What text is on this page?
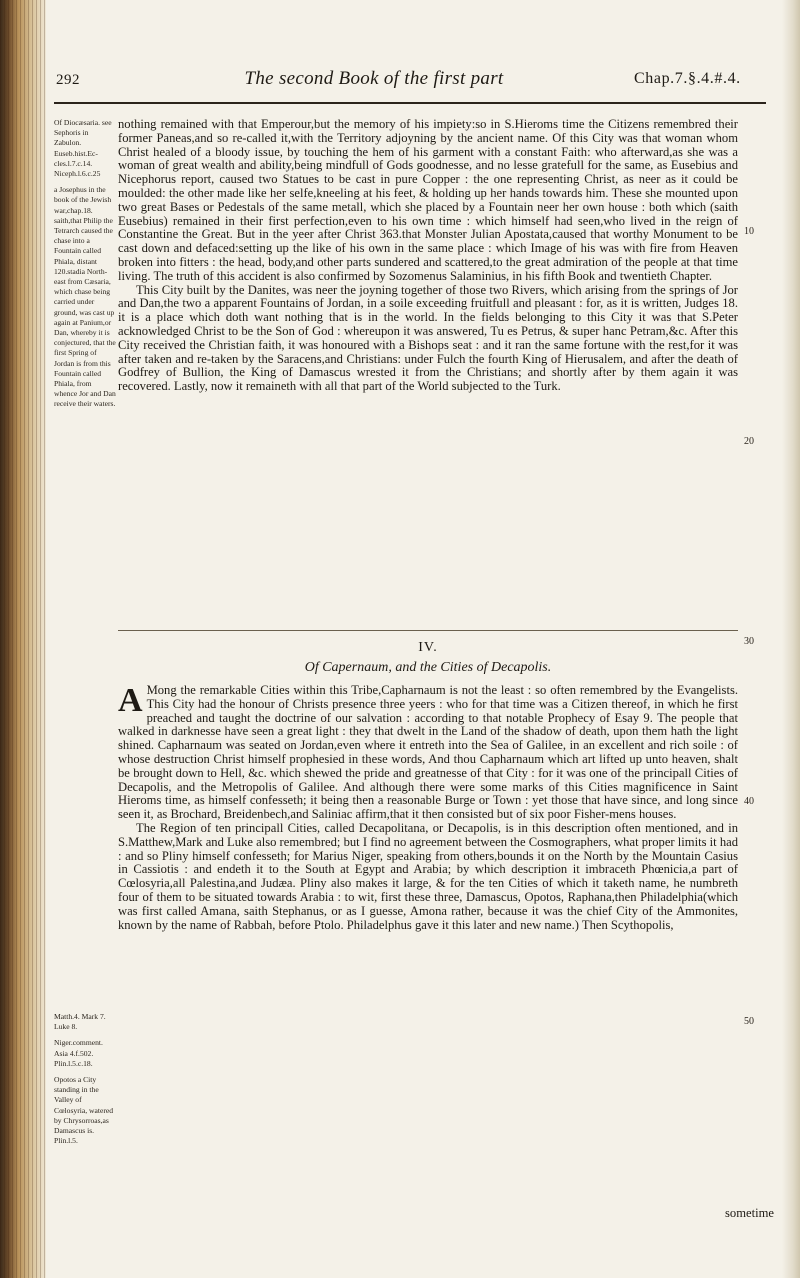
292	The second Book of the first part	Chap.7.§.4.#.4.

Of Diocæsaria. see Sephoris in Zabulon. Euseb.hist.Ec-cles.l.7.c.14. Niceph.l.6.c.25

a Josephus in the book of the Jewish war,chap.18. saith,that Philip the Tetrarch caused the chase into a Fountain called Phiala, distant 120.stadia North-east from Cæsaria, which chase being carried under ground, was cast up again at Panium,or Dan, whereby it is conjectured, that the first Spring of Jordan is from this Fountain called Phiala, from whence Jor and Dan receive their waters.

nothing remained with that Emperour,but the memory of his impiety:so in S.Hieroms time the Citizens remembred their former Paneas,and so re-called it,with the Territory adjoyning by the ancient name. Of this City was that woman whom Christ healed of a bloody issue, by touching the hem of his garment with a constant Faith: who afterward,as she was a woman of great wealth and ability,being mindfull of Gods goodnesse, and no lesse gratefull for the same, as Eusebius and Nicephorus report, caused two Statues to be cast in pure Copper : the one representing Christ, as neer as it could be moulded: the other made like her selfe,kneeling at his feet, & holding up her hands towards him. These she mounted upon two great Bases or Pedestals of the same metall, which she placed by a Fountain neer her own house : both which (saith Eusebius) remained in their first perfection,even to his own time : which himself had seen,who lived in the reign of Constantine the Great. But in the yeer after Christ 363.that Monster Julian Apostata,caused that worthy Monument to be cast down and defaced:setting up the like of his own in the same place : which Image of his was with fire from Heaven broken into fitters : the head, body,and other parts sundered and scattered,to the great admiration of the people at that time living. The truth of this accident is also confirmed by Sozomenus Salaminius, in his fifth Book and twentieth Chapter.

This City built by the Danites, was neer the joyning together of those two Rivers, which arising from the springs of Jor and Dan,the two a apparent Fountains of Jordan, in a soile exceeding fruitfull and pleasant : for, as it is written, Judges 18. it is a place which doth want nothing that is in the world. In the fields belonging to this City it was that S.Peter acknowledged Christ to be the Son of God : whereupon it was answered, Tu es Petrus, & super hanc Petram,&c. After this City received the Christian faith, it was honoured with a Bishops seat : and it ran the same fortune with the rest,for it was after taken and re-taken by the Saracens,and Christians: under Fulch the fourth King of Hierusalem, and after the death of Godfrey of Bullion, the King of Damascus wrested it from the Christians; and shortly after by them again it was recovered. Lastly, now it remaineth with all that part of the World subjected to the Turk.

10
20
30
40
50
IV.
Of Capernaum, and the Cities of Decapolis.

A Mong the remarkable Cities within this Tribe,Capharnaum is not the least : so often remembred by the Evangelists. This City had the honour of Christs presence three yeers : who for that time was a Citizen thereof, in which he first preached and taught the doctrine of our salvation : according to that notable Prophecy of Esay 9. The people that walked in darknesse have seen a great light : they that dwelt in the Land of the shadow of death, upon them hath the light shined. Capharnaum was seated on Jordan,even where it entreth into the Sea of Galilee, in an excellent and rich soile : of whose destruction Christ himself prophesied in these words, And thou Capharnaum which art lifted up unto heaven, shalt be brought down to Hell, &c. which shewed the pride and greatnesse of that City : for it was one of the principall Cities of Decapolis, and the Metropolis of Galilee. And although there were some marks of this Cities magnificence in Saint Hieroms time, as himself confesseth; it being then a reasonable Burge or Town : yet those that have since, and long since seen it, as Brochard, Breidenbech,and Saliniac affirm,that it then consisted but of six poor Fisher-mens houses.

The Region of ten principall Cities, called Decapolitana, or Decapolis, is in this description often mentioned, and in S.Matthew,Mark and Luke also remembred; but I find no agreement between the Cosmographers, what proper limits it had : and so Pliny himself confesseth; for Marius Niger, speaking from others,bounds it on the North by the Mountain Casius in Cassiotis : and endeth it to the South at Egypt and Arabia; by which description it imbraceth Phœnicia,a part of Cœlosyria,all Palestina,and Judæa. Pliny also makes it large, & for the ten Cities of which it taketh name, he numbreth four of them to be situated towards Arabia : to wit, first these three, Damascus, Opotos, Raphana,then Philadelphia(which was first called Amana, saith Stephanus, or as I guesse, Amona rather, because it was the chief City of the Ammonites, known by the name of Rabbah, before Ptolo. Philadelphus gave it this later and new name.) Then Scythopolis,

Matth.4. Mark 7. Luke 8.

Niger.comment. Asia 4.f.502. Plin.l.5.c.18.

Opotos a City standing in the Valley of Cœlosyria, watered by Chrysorroas,as Damascus is. Plin.l.5.

sometime
